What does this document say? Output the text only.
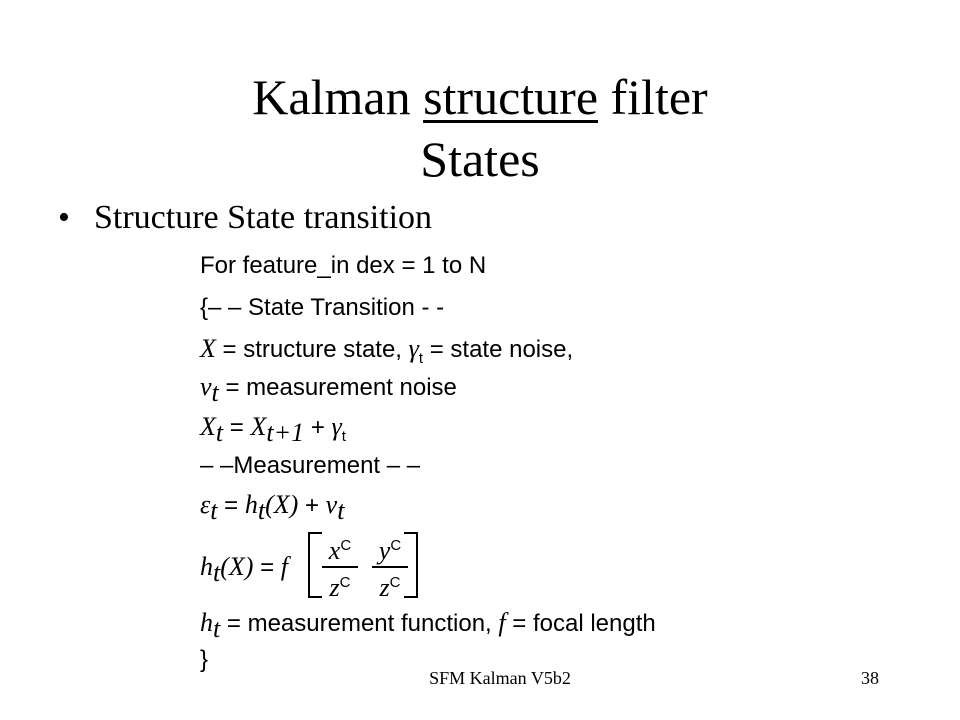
Kalman structure filter
States
• Structure State transition
For feature_in dex = 1 to N
{– – State Transition - -
X = structure state, $\gamma_t$ = state noise,
$v_t$ = measurement noise
$X_t = X_{t+1} + \gamma_t$
– –Measurement – –
$\varepsilon_t = h_t(X) + v_t$
$h_t(X) = f \frac{x^C}{z^C} \frac{y^C}{z^C}$
$h_t$ = measurement function, f = focal length
}
SFM Kalman V5b2	38
